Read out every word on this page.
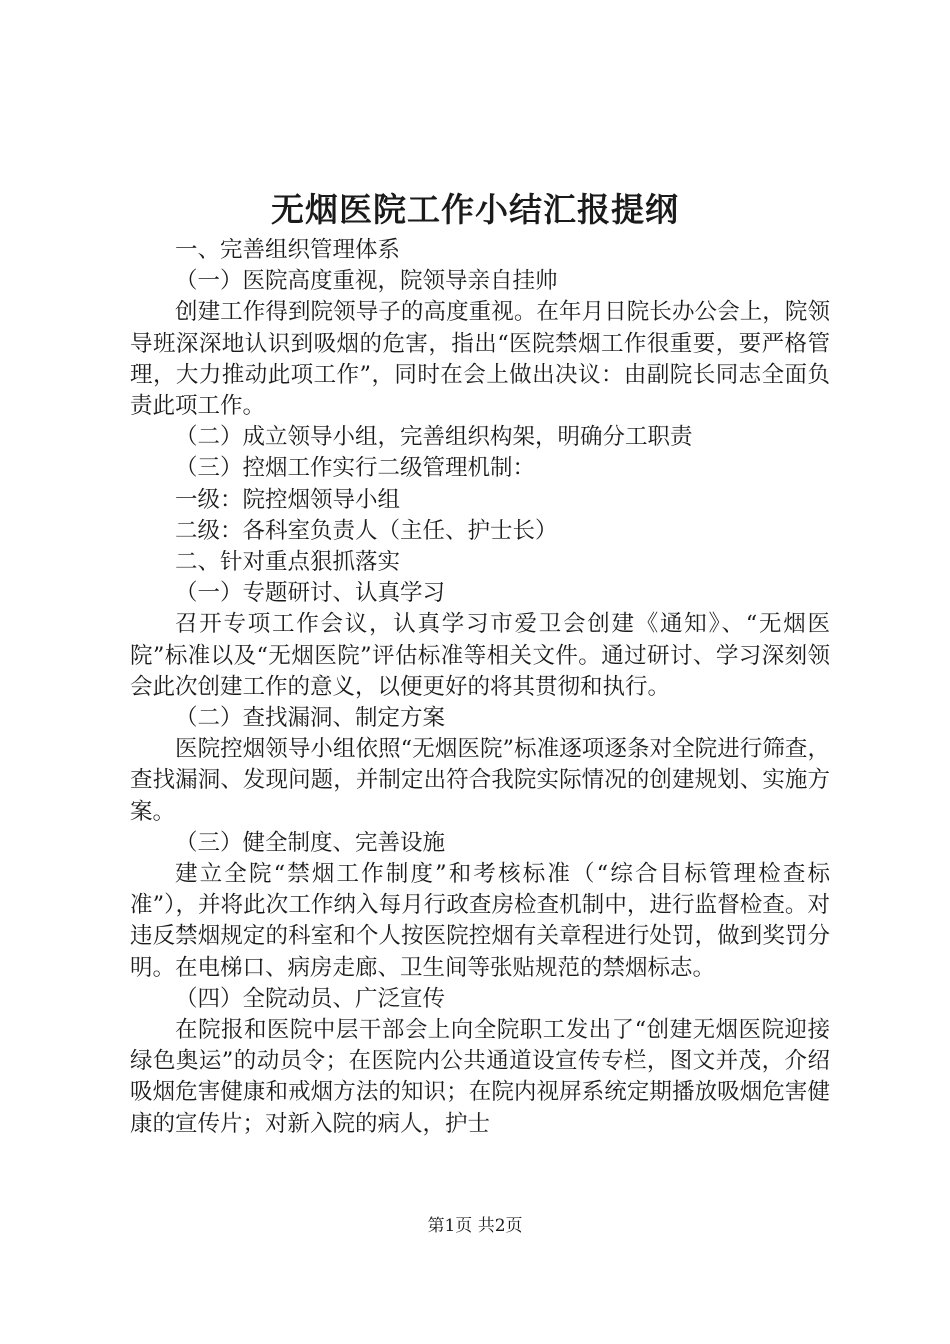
无烟医院工作小结汇报提纲

一、完善组织管理体系

（一）医院高度重视，院领导亲自挂帅

创建工作得到院领导子的高度重视。在年月日院长办公会上，院领导班深深地认识到吸烟的危害，指出“医院禁烟工作很重要，要严格管理，大力推动此项工作”，同时在会上做出决议：由副院长同志全面负责此项工作。

（二）成立领导小组，完善组织构架，明确分工职责

（三）控烟工作实行二级管理机制：

一级：院控烟领导小组

二级：各科室负责人（主任、护士长）

二、针对重点狠抓落实

（一）专题研讨、认真学习

召开专项工作会议，认真学习市爱卫会创建《通知》、“无烟医院”标准以及“无烟医院”评估标准等相关文件。通过研讨、学习深刻领会此次创建工作的意义，以便更好的将其贯彻和执行。

（二）查找漏洞、制定方案

医院控烟领导小组依照“无烟医院”标准逐项逐条对全院进行筛查，查找漏洞、发现问题，并制定出符合我院实际情况的创建规划、实施方案。

（三）健全制度、完善设施

建立全院“禁烟工作制度”和考核标准（“综合目标管理检查标准”），并将此次工作纳入每月行政查房检查机制中，进行监督检查。对违反禁烟规定的科室和个人按医院控烟有关章程进行处罚，做到奖罚分明。在电梯口、病房走廊、卫生间等张贴规范的禁烟标志。

（四）全院动员、广泛宣传

在院报和医院中层干部会上向全院职工发出了“创建无烟医院迎接绿色奥运”的动员令；在医院内公共通道设宣传专栏，图文并茂，介绍吸烟危害健康和戒烟方法的知识；在院内视屏系统定期播放吸烟危害健康的宣传片；对新入院的病人，护士

第1页 共2页
